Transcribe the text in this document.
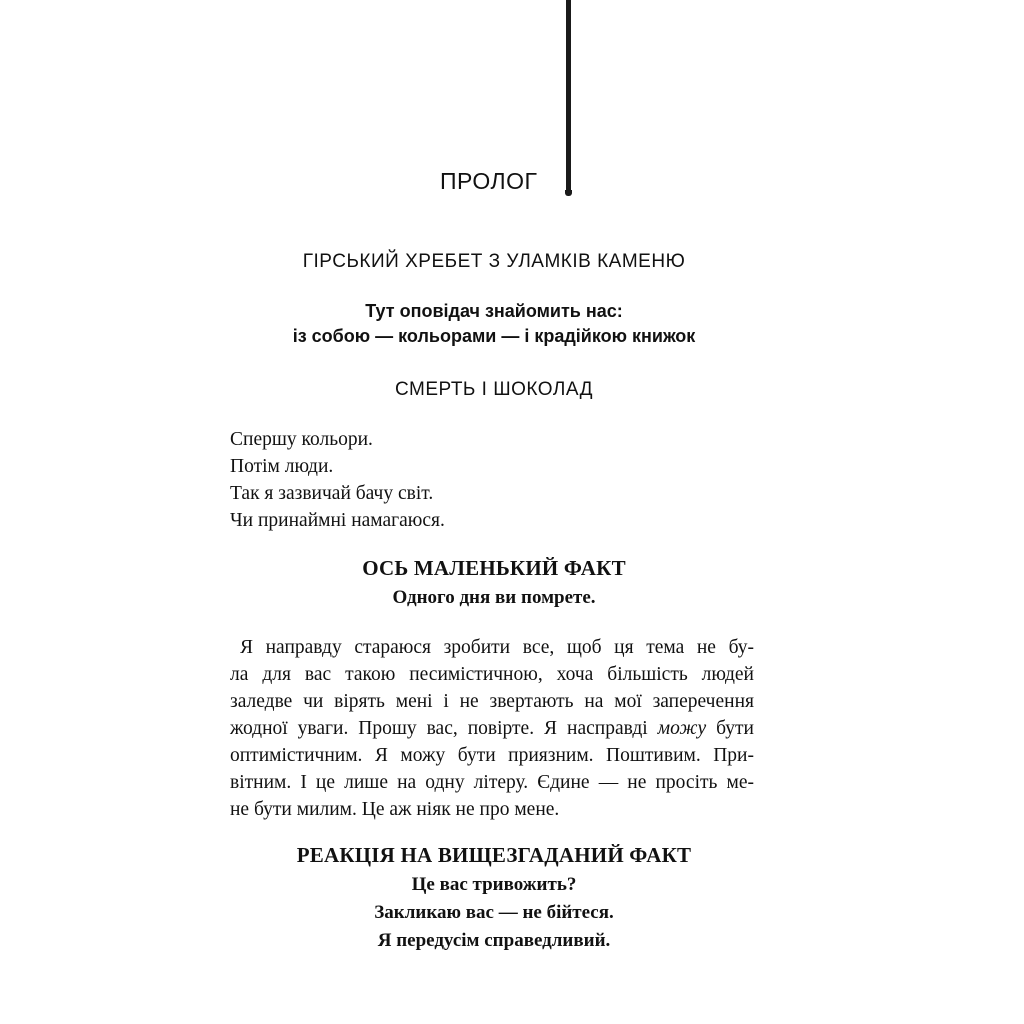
ПРОЛОГ
ГІРСЬКИЙ ХРЕБЕТ З УЛАМКІВ КАМЕНЮ
Тут оповідач знайомить нас:
із собою — кольорами — і крадійкою книжок
СМЕРТЬ І ШОКОЛАД
Спершу кольори.
Потім люди.
Так я зазвичай бачу світ.
Чи принаймні намагаюся.
ОСЬ МАЛЕНЬКИЙ ФАКТ
Одного дня ви помрете.
Я направду стараюся зробити все, щоб ця тема не бу-
ла для вас такою песимістичною, хоча більшість людей
заледве чи вірять мені і не звертають на мої заперечення
жодної уваги. Прошу вас, повірте. Я насправді можу бути
оптимістичним. Я можу бути приязним. Поштивим. При-
вітним. І це лише на одну літеру. Єдине — не просіть ме-
не бути милим. Це аж ніяк не про мене.
РЕАКЦІЯ НА ВИЩЕЗГАДАНИЙ ФАКТ
Це вас тривожить?
Закликаю вас — не бійтеся.
Я передусім справедливий.
